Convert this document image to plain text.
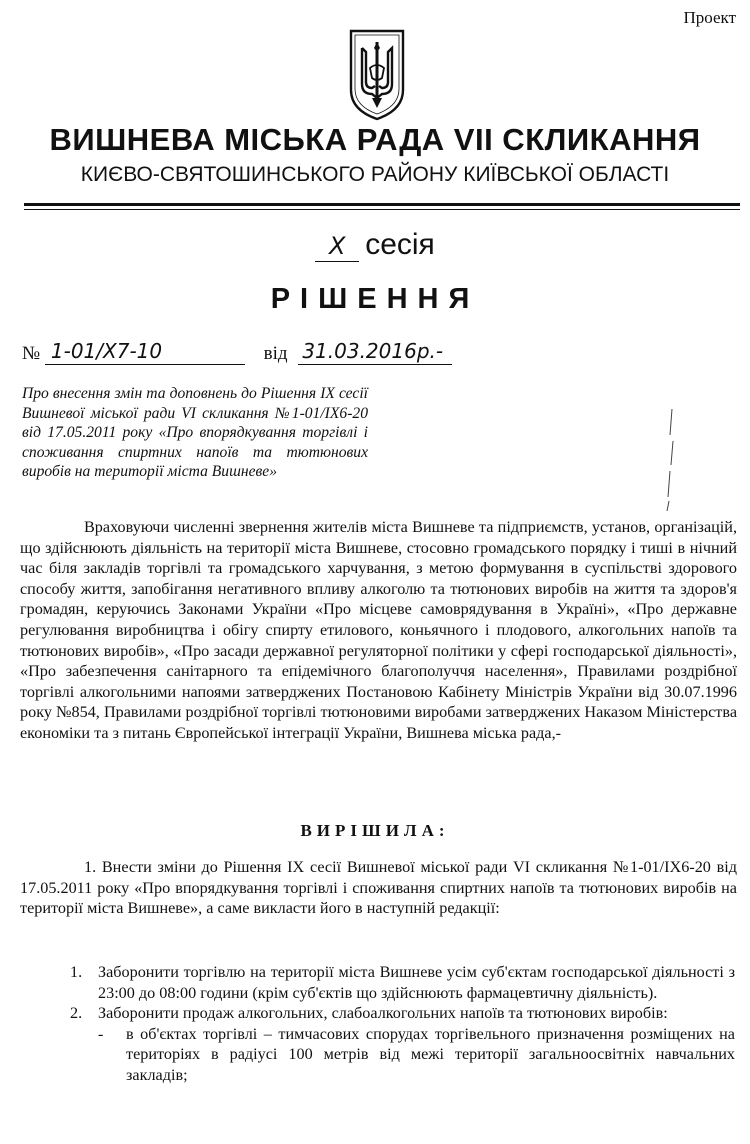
Проект
ВИШНЕВА МІСЬКА РАДА VII СКЛИКАННЯ
КИЄВО-СВЯТОШИНСЬКОГО РАЙОНУ КИЇВСЬКОЇ ОБЛАСТІ
X сесія
РІШЕННЯ
№ 1-01/X7-10	від 31.03.2016р.-

Про внесення змін та доповнень до Рішення IX сесії Вишневої міської ради VI скликання №1-01/IX6-20 від 17.05.2011 року «Про впорядкування торгівлі і споживання спиртних напоїв та тютюнових виробів на території міста Вишневе»

Враховуючи численні звернення жителів міста Вишневе та підприємств, установ, організацій, що здійснюють діяльність на території міста Вишневе, стосовно громадського порядку і тиші в нічний час біля закладів торгівлі та громадського харчування, з метою формування в суспільстві здорового способу життя, запобігання негативного впливу алкоголю та тютюнових виробів на життя та здоров'я громадян, керуючись Законами України «Про місцеве самоврядування в Україні», «Про державне регулювання виробництва і обігу спирту етилового, коньячного і плодового, алкогольних напоїв та тютюнових виробів», «Про засади державної регуляторної політики у сфері господарської діяльності», «Про забезпечення санітарного та епідемічного благополуччя населення», Правилами роздрібної торгівлі алкогольними напоями затверджених Постановою Кабінету Міністрів України від 30.07.1996 року №854, Правилами роздрібної торгівлі тютюновими виробами затверджених Наказом Міністерства економіки та з питань Європейської інтеграції України, Вишнева міська рада,-

ВИРІШИЛА:

1. Внести зміни до Рішення IX сесії Вишневої міської ради VI скликання №1-01/IX6-20 від 17.05.2011 року «Про впорядкування торгівлі і споживання спиртних напоїв та тютюнових виробів на території міста Вишневе», а саме викласти його в наступній редакції:

1. Заборонити торгівлю на території міста Вишневе усім суб'єктам господарської діяльності з 23:00 до 08:00 години (крім суб'єктів що здійснюють фармацевтичну діяльність).
2. Заборонити продаж алкогольних, слабоалкогольних напоїв та тютюнових виробів:
- в об'єктах торгівлі – тимчасових спорудах торгівельного призначення розміщених на територіях в радіусі 100 метрів від межі території загальноосвітніх навчальних закладів;
